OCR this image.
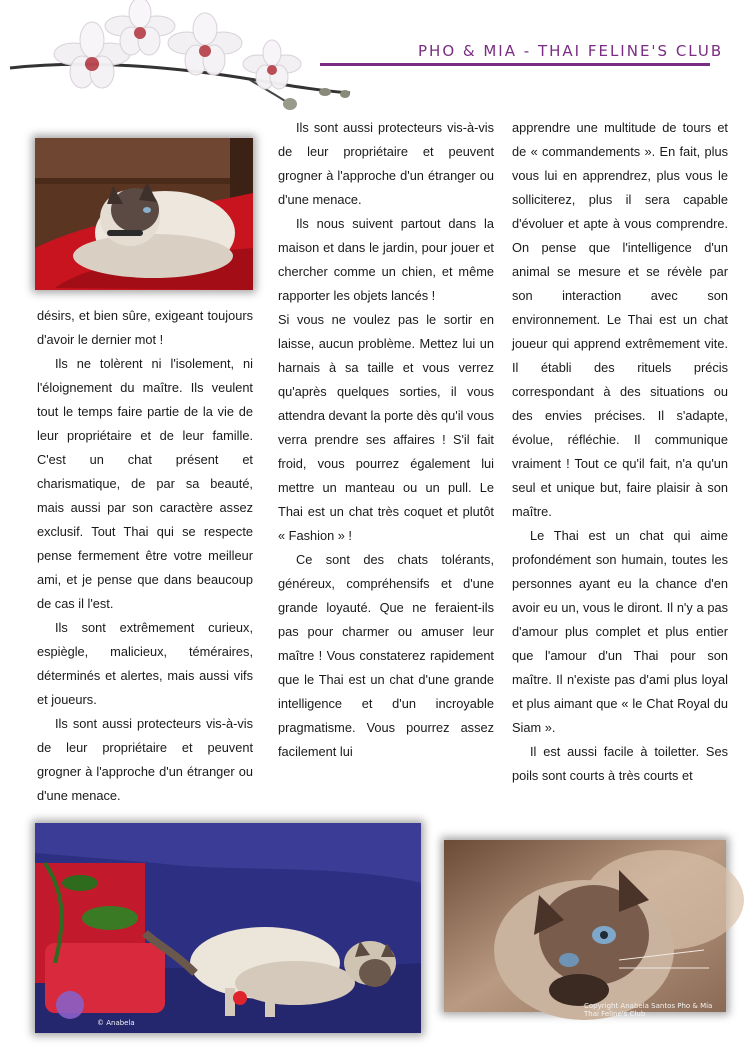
PHO & MIA - THAI FELINE'S CLUB

désirs, et bien sûre, exigeant toujours d'avoir le dernier mot !

Ils ne tolèrent ni l'isolement, ni l'éloignement du maître. Ils veulent tout le temps faire partie de la vie de leur propriétaire et de leur famille. C'est un chat présent et charismatique, de par sa beauté, mais aussi par son caractère assez exclusif. Tout Thai qui se respecte pense fermement être votre meilleur ami, et je pense que dans beaucoup de cas il l'est.

Ils sont extrêmement curieux, espiègle, malicieux, téméraires, déterminés et alertes, mais aussi vifs et joueurs.

Ils sont aussi protecteurs vis-à-vis de leur propriétaire et peuvent grogner à l'approche d'un étranger ou d'une menace.

Ils sont aussi protecteurs vis-à-vis de leur propriétaire et peuvent grogner à l'approche d'un étranger ou d'une menace.

Ils nous suivent partout dans la maison et dans le jardin, pour jouer et chercher comme un chien, et même rapporter les objets lancés !

Si vous ne voulez pas le sortir en laisse, aucun problème. Mettez lui un harnais à sa taille et vous verrez qu'après quelques sorties, il vous attendra devant la porte dès qu'il vous verra prendre ses affaires ! S'il fait froid, vous pourrez également lui mettre un manteau ou un pull. Le Thai est un chat très coquet et plutôt « Fashion » !

Ce sont des chats tolérants, généreux, compréhensifs et d'une grande loyauté. Que ne feraient-ils pas pour charmer ou amuser leur maître ! Vous constaterez rapidement que le Thai est un chat d'une grande intelligence et d'un incroyable pragmatisme. Vous pourrez assez facilement lui

apprendre une multitude de tours et de « commandements ». En fait, plus vous lui en apprendrez, plus vous le solliciterez, plus il sera capable d'évoluer et apte à vous comprendre. On pense que l'intelligence d'un animal se mesure et se révèle par son interaction avec son environnement. Le Thai est un chat joueur qui apprend extrêmement vite. Il établi des rituels précis correspondant à des situations ou des envies précises. Il s'adapte, évolue, réfléchie. Il communique vraiment ! Tout ce qu'il fait, n'a qu'un seul et unique but, faire plaisir à son maître.

Le Thai est un chat qui aime profondément son humain, toutes les personnes ayant eu la chance d'en avoir eu un, vous le diront. Il n'y a pas d'amour plus complet et plus entier que l'amour d'un Thai pour son maître. Il n'existe pas d'ami plus loyal et plus aimant que « le Chat Royal du Siam ».

Il est aussi facile à toiletter. Ses poils sont courts à très courts et

© Anabela
Copyright Anabela Santos Pho & Mia Thai Feline's Club
